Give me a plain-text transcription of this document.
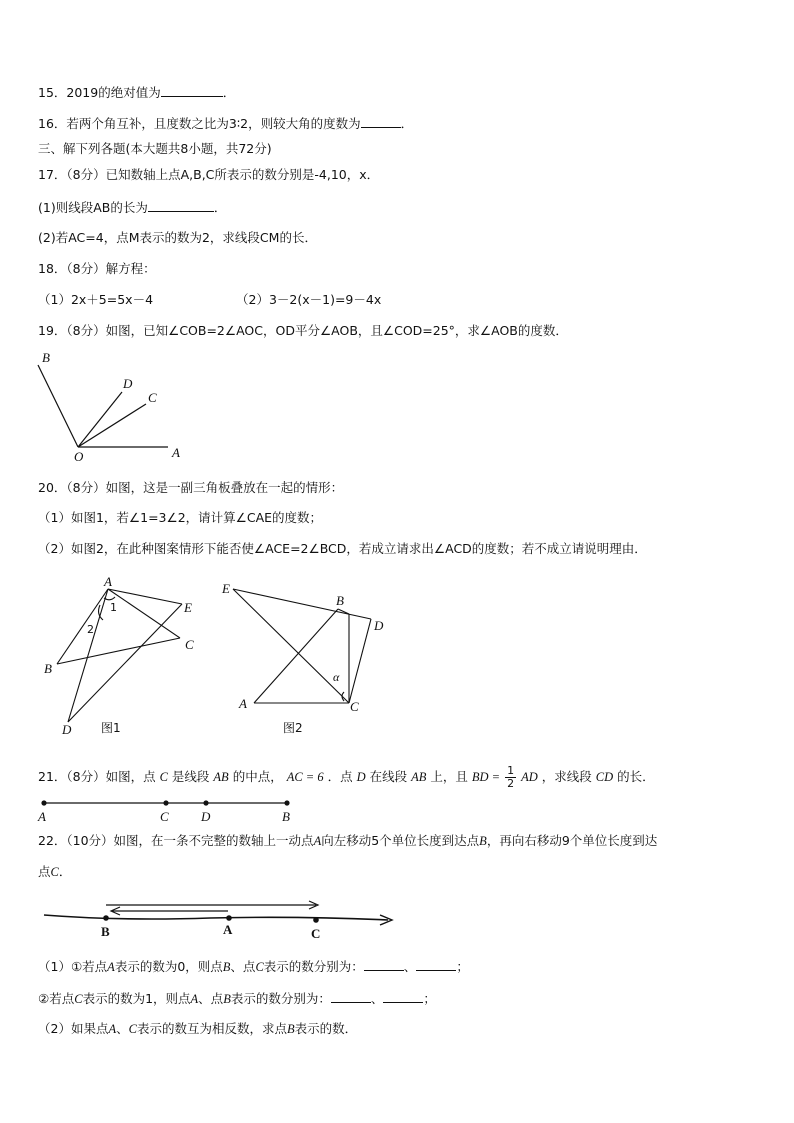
15．2019的绝对值为	．
16．若两个角互补，且度数之比为3∶2，则较大角的度数为	．
三、解下列各题(本大题共8小题，共72分)
17．（8分）已知数轴上点A,B,C所表示的数分别是-4,10，x．
(1)则线段AB的长为	．
(2)若AC=4，点M表示的数为2，求线段CM的长．
18．（8分）解方程：
（1）2x＋5=5x－4	（2）3－2(x－1)=9－4x
19．（8分）如图，已知∠COB=2∠AOC，OD平分∠AOB，且∠COD=25°，求∠AOB的度数．
B
D
C
O	A
20．（8分）如图，这是一副三角板叠放在一起的情形：
（1）如图1，若∠1=3∠2，请计算∠CAE的度数；
（2）如图2，在此种图案情形下能否使∠ACE=2∠BCD，若成立请求出∠ACD的度数；若不成立请说明理由．
A
E
C
B
D
1
2
图1
E
B
D
A	C
α
图2
21．（8分）如图，点 C 是线段 AB 的中点， AC = 6 ．点 D 在线段 AB 上，且 BD = $\frac{1}{2}$ AD ，求线段 CD 的长．
A	C D	B
22．（10分）如图，在一条不完整的数轴上一动点A向左移动5个单位长度到达点B，再向右移动9个单位长度到达
点C．
B	A	C
（1）①若点A表示的数为0，则点B、点C表示的数分别为：	、	；
②若点C表示的数为1，则点A、点B表示的数分别为：	、	；
（2）如果点A、C表示的数互为相反数，求点B表示的数．
